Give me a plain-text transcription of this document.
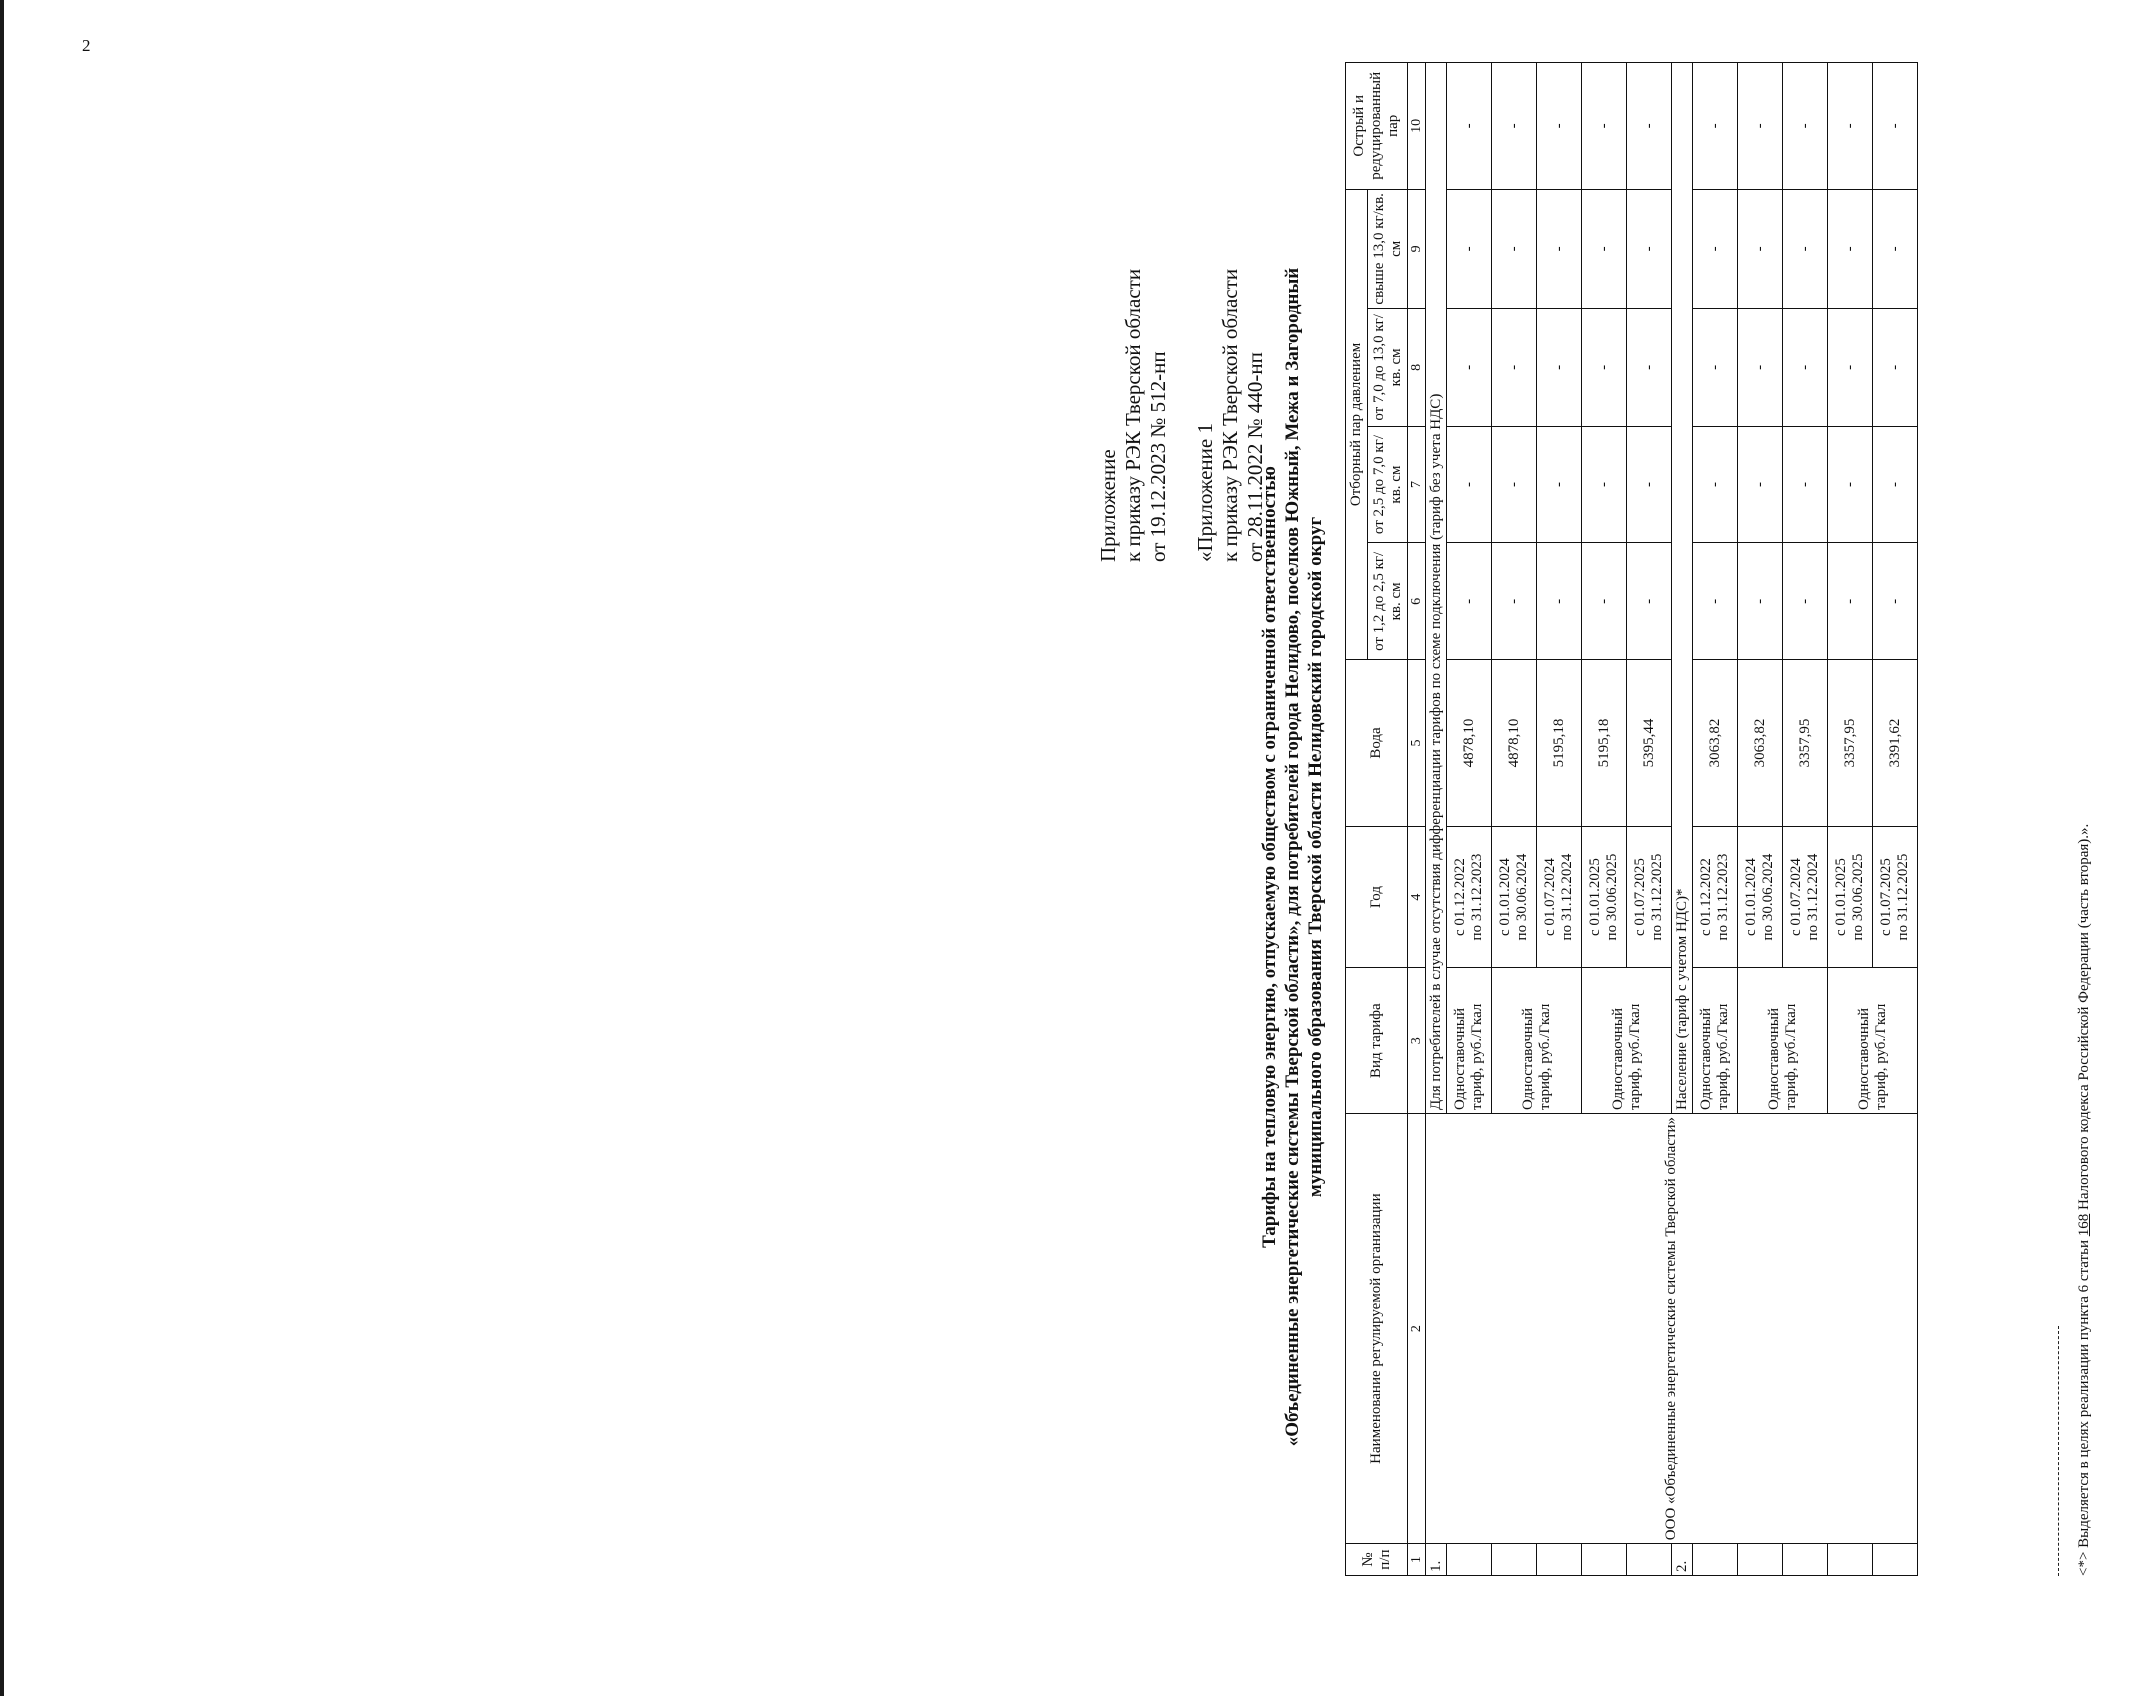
2
Приложение к приказу РЭК Тверской области от 19.12.2023 № 512-нп «Приложение 1 к приказу РЭК Тверской области от 28.11.2022 № 440-нп
Тарифы на тепловую энергию, отпускаемую обществом с ограниченной ответственностью «Объединенные энергетические системы Тверской области», для потребителей города Нелидово, поселков Южный, Межа и Загородный муниципального образования Тверской области Нелидовский городской округ
№ п/п	Наименование регулируемой организации	Вид тарифа	Год	Вода	Отборный пар давлением				Острый и редуцированный пар
					от 1,2 до 2,5 кг/кв. см	от 2,5 до 7,0 кг/кв. см	от 7,0 до 13,0 кг/кв. см	свыше 13,0 кг/кв. см	
1	2	3	4	5	6	7	8	9	10
1.	ООО «Объединенные энергетические системы Тверской области»	Для потребителей в случае отсутствия дифференциации тарифов по схеме подключения (тариф без учета НДС)							
		Одноставочный тариф, руб./Гкал	с 01.12.2022
по 31.12.2023	4878,10	-	-	-	-	-
		Одноставочный тариф, руб./Гкал	с 01.01.2024
по 30.06.2024	4878,10	-	-	-	-	-
			с 01.07.2024
по 31.12.2024	5195,18	-	-	-	-	-
		Одноставочный тариф, руб./Гкал	с 01.01.2025
по 30.06.2025	5195,18	-	-	-	-	-
			с 01.07.2025
по 31.12.2025	5395,44	-	-	-	-	-
2.		Население (тариф с учетом НДС)*							
		Одноставочный тариф, руб./Гкал	с 01.12.2022
по 31.12.2023	3063,82	-	-	-	-	-
		Одноставочный тариф, руб./Гкал	с 01.01.2024
по 30.06.2024	3063,82	-	-	-	-	-
			с 01.07.2024
по 31.12.2024	3357,95	-	-	-	-	-
		Одноставочный тариф, руб./Гкал	с 01.01.2025
по 30.06.2025	3357,95	-	-	-	-	-
			с 01.07.2025
по 31.12.2025	3391,62	-	-	-	-	-
<*> Выделяется в целях реализации пункта 6 статьи 168 Налогового кодекса Российской Федерации (часть вторая).».
